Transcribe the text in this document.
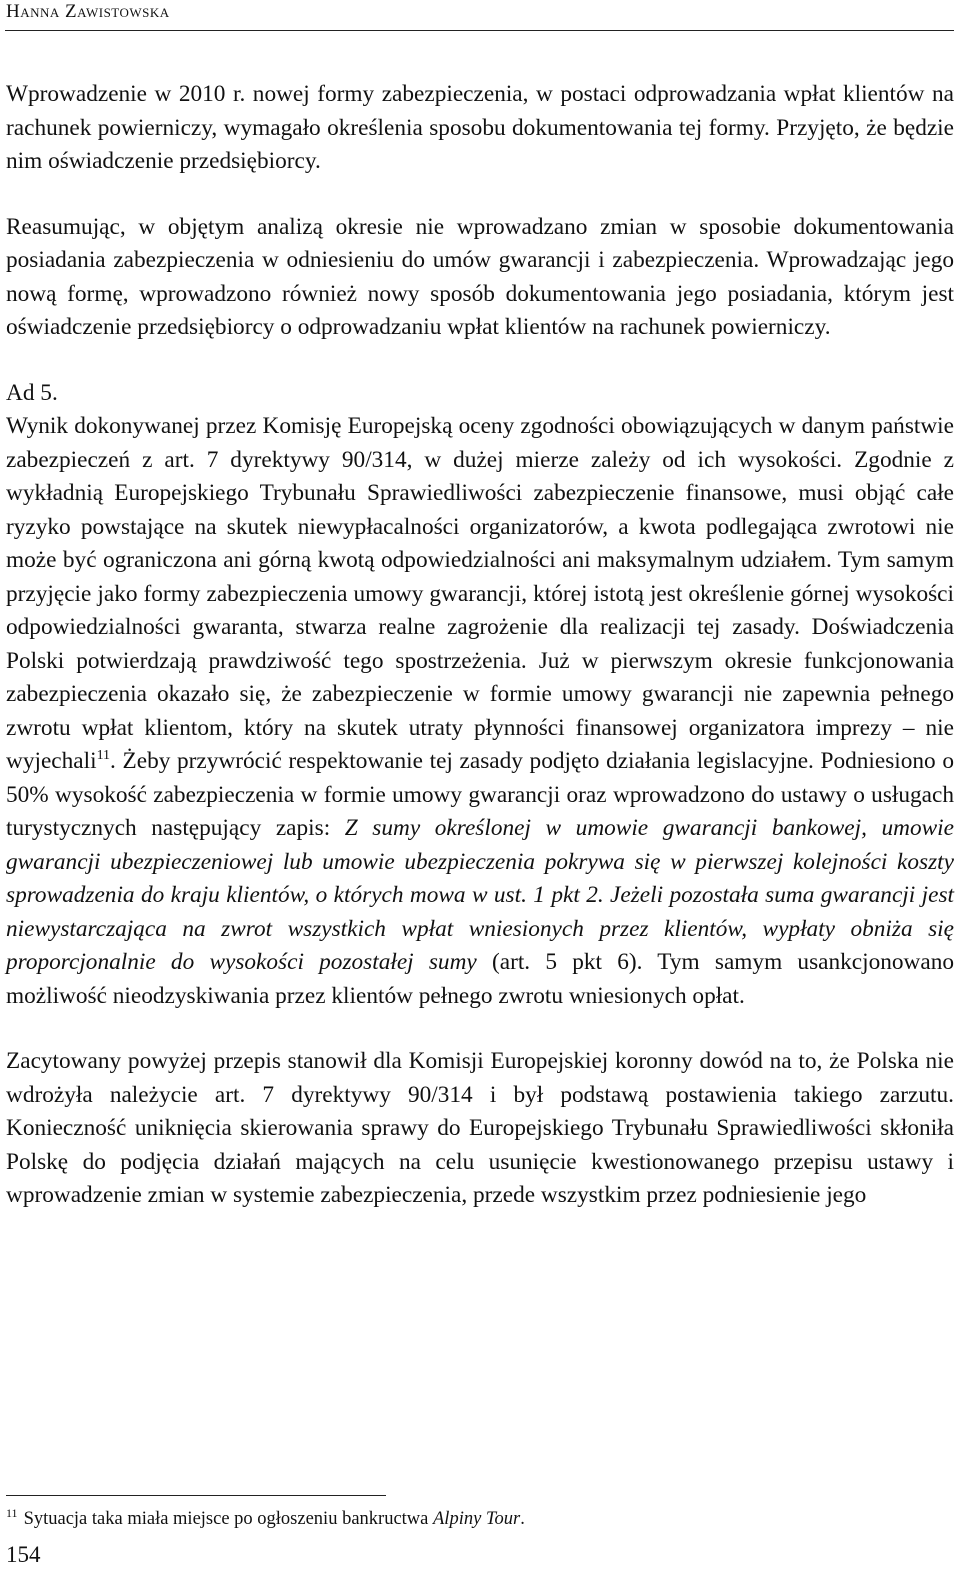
Hanna Zawistowska

Wprowadzenie w 2010 r. nowej formy zabezpieczenia, w postaci odprowadzania wpłat klientów na rachunek powierniczy, wymagało określenia sposobu dokumentowania tej formy. Przyjęto, że będzie nim oświadczenie przedsiębiorcy.

Reasumując, w objętym analizą okresie nie wprowadzano zmian w sposobie dokumentowania posiadania zabezpieczenia w odniesieniu do umów gwarancji i zabezpieczenia. Wprowadzając jego nową formę, wprowadzono również nowy sposób dokumentowania jego posiadania, którym jest oświadczenie przedsiębiorcy o odprowadzaniu wpłat klientów na rachunek powierniczy.

Ad 5.

Wynik dokonywanej przez Komisję Europejską oceny zgodności obowiązujących w danym państwie zabezpieczeń z art. 7 dyrektywy 90/314, w dużej mierze zależy od ich wysokości. Zgodnie z wykładnią Europejskiego Trybunału Sprawiedliwości zabezpieczenie finansowe, musi objąć całe ryzyko powstające na skutek niewypłacalności organizatorów, a kwota podlegająca zwrotowi nie może być ograniczona ani górną kwotą odpowiedzialności ani maksymalnym udziałem. Tym samym przyjęcie jako formy zabezpieczenia umowy gwarancji, której istotą jest określenie górnej wysokości odpowiedzialności gwaranta, stwarza realne zagrożenie dla realizacji tej zasady. Doświadczenia Polski potwierdzają prawdziwość tego spostrzeżenia. Już w pierwszym okresie funkcjonowania zabezpieczenia okazało się, że zabezpieczenie w formie umowy gwarancji nie zapewnia pełnego zwrotu wpłat klientom, który na skutek utraty płynności finansowej organizatora imprezy – nie wyjechali$^{11}$. Żeby przywrócić respektowanie tej zasady podjęto działania legislacyjne. Podniesiono o 50% wysokość zabezpieczenia w formie umowy gwarancji oraz wprowadzono do ustawy o usługach turystycznych następujący zapis: Z sumy określonej w umowie gwarancji bankowej, umowie gwarancji ubezpieczeniowej lub umowie ubezpieczenia pokrywa się w pierwszej kolejności koszty sprowadzenia do kraju klientów, o których mowa w ust. 1 pkt 2. Jeżeli pozostała suma gwarancji jest niewystarczająca na zwrot wszystkich wpłat wniesionych przez klientów, wypłaty obniża się proporcjonalnie do wysokości pozostałej sumy (art. 5 pkt 6). Tym samym usankcjonowano możliwość nieodzyskiwania przez klientów pełnego zwrotu wniesionych opłat.

Zacytowany powyżej przepis stanowił dla Komisji Europejskiej koronny dowód na to, że Polska nie wdrożyła należycie art. 7 dyrektywy 90/314 i był podstawą postawienia takiego zarzutu. Konieczność uniknięcia skierowania sprawy do Europejskiego Trybunału Sprawiedliwości skłoniła Polskę do podjęcia działań mających na celu usunięcie kwestionowanego przepisu ustawy i wprowadzenie zmian w systemie zabezpieczenia, przede wszystkim przez podniesienie jego

$^{11}$ Sytuacja taka miała miejsce po ogłoszeniu bankructwa Alpiny Tour.
154
